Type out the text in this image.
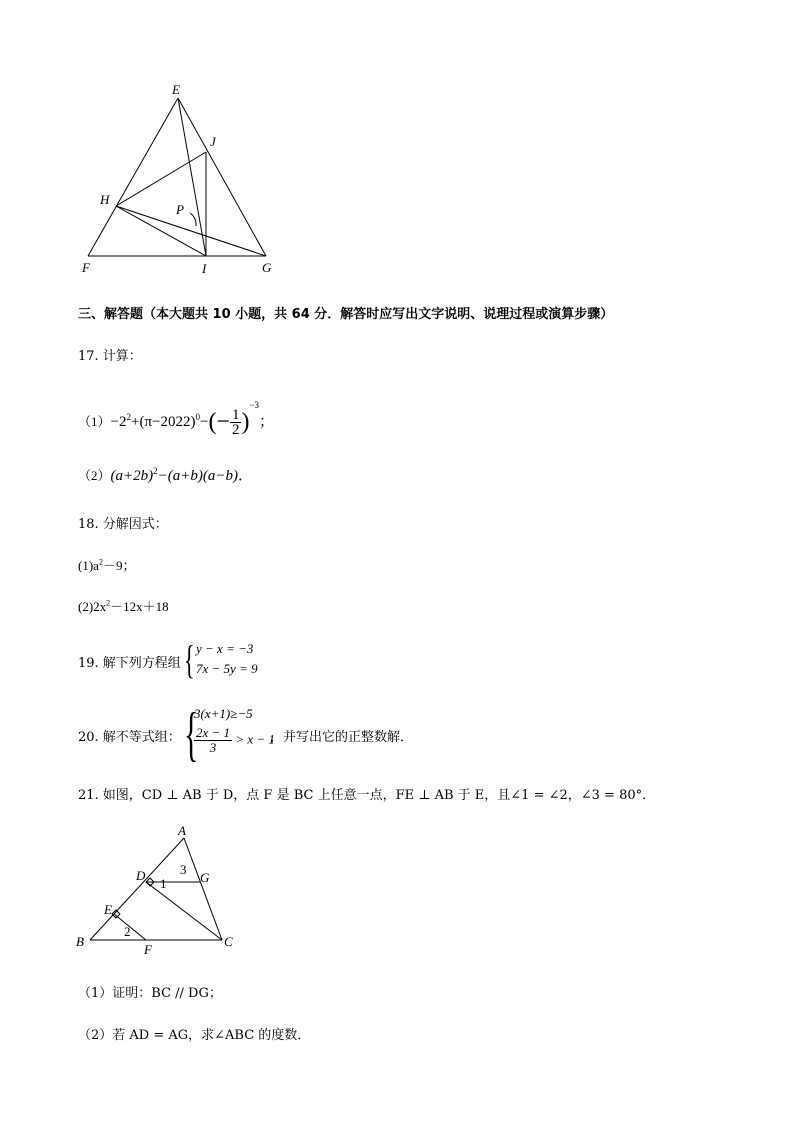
E
J
H
P
F	I	G
三、解答题（本大题共 10 小题，共 64 分．解答时应写出文字说明、说理过程或演算步骤）
17. 计算：
$(1)-2^2+(\pi-2022)^0-(- \frac{1}{2} )^{-3}$；
$(2)(a+2b)^2-(a+b)(a-b)$．
18. 分解因式：
$(1)a^2-9$；
$(2)2x^2-12x+18$
19. 解下列方程组 { y − x = −3
7x − 5y = 9
20. 解不等式组： {
3(x+1)≥−5
$\frac{2x - 1}{3} > x - 1$
，并写出它的正整数解．
21. 如图，CD ⊥ AB 于 D，点 F 是 BC 上任意一点，FE ⊥ AB 于 E，且∠1 = ∠2，∠3 = 80°．
A
D	G
E
B
F
C
1
2
3
（1）证明：BC // DG；
（2）若 AD = AG，求∠ABC 的度数．
